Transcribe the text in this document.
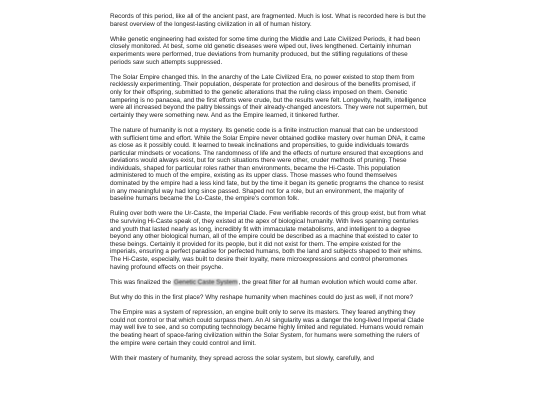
Records of this period, like all of the ancient past, are fragmented. Much is lost. What is recorded here is but the barest overview of the longest-lasting civilization in all of human history.

While genetic engineering had existed for some time during the Middle and Late Civilized Periods, it had been closely monitored. At best, some old genetic diseases were wiped out, lives lengthened. Certainly inhuman experiments were performed, true deviations from humanity produced, but the stifling regulations of these periods saw such attempts suppressed.

The Solar Empire changed this. In the anarchy of the Late Civilized Era, no power existed to stop them from recklessly experimenting. Their population, desperate for protection and desirous of the benefits promised, if only for their offspring, submitted to the genetic alterations that the ruling class imposed on them. Genetic tampering is no panacea, and the first efforts were crude, but the results were felt. Longevity, health, intelligence were all increased beyond the paltry blessings of their already-changed ancestors. They were not supermen, but certainly they were something new. And as the Empire learned, it tinkered further.

The nature of humanity is not a mystery. Its genetic code is a finite instruction manual that can be understood with sufficient time and effort. While the Solar Empire never obtained godlike mastery over human DNA, it came as close as it possibly could. It learned to tweak inclinations and propensities, to guide individuals towards particular mindsets or vocations. The randomness of life and the effects of nurture ensured that exceptions and deviations would always exist, but for such situations there were other, cruder methods of pruning. These individuals, shaped for particular roles rather than environments, became the Hi-Caste. This population administered to much of the empire, existing as its upper class. Those masses who found themselves dominated by the empire had a less kind fate, but by the time it began its genetic programs the chance to resist in any meaningful way had long since passed. Shaped not for a role, but an environment, the majority of baseline humans became the Lo-Caste, the empire's common folk.

Ruling over both were the Ur-Caste, the Imperial Clade. Few verifiable records of this group exist, but from what the surviving Hi-Caste speak of, they existed at the apex of biological humanity. With lives spanning centuries and youth that lasted nearly as long, incredibly fit with immaculate metabolisms, and intelligent to a degree beyond any other biological human, all of the empire could be described as a machine that existed to cater to these beings. Certainly it provided for its people, but it did not exist for them. The empire existed for the imperials, ensuring a perfect paradise for perfected humans, both the land and subjects shaped to their whims. The Hi-Caste, especially, was built to desire their loyalty, mere microexpressions and control pheromones having profound effects on their psyche.

This was finalized the Genetic Caste System, the great filter for all human evolution which would come after.

But why do this in the first place? Why reshape humanity when machines could do just as well, if not more?

The Empire was a system of repression, an engine built only to serve its masters. They feared anything they could not control or that which could surpass them. An AI singularity was a danger the long-lived Imperial Clade may well live to see, and so computing technology became highly limited and regulated. Humans would remain the beating heart of space-faring civilization within the Solar System, for humans were something the rulers of the empire were certain they could control and limit.

With their mastery of humanity, they spread across the solar system, but slowly, carefully, and
